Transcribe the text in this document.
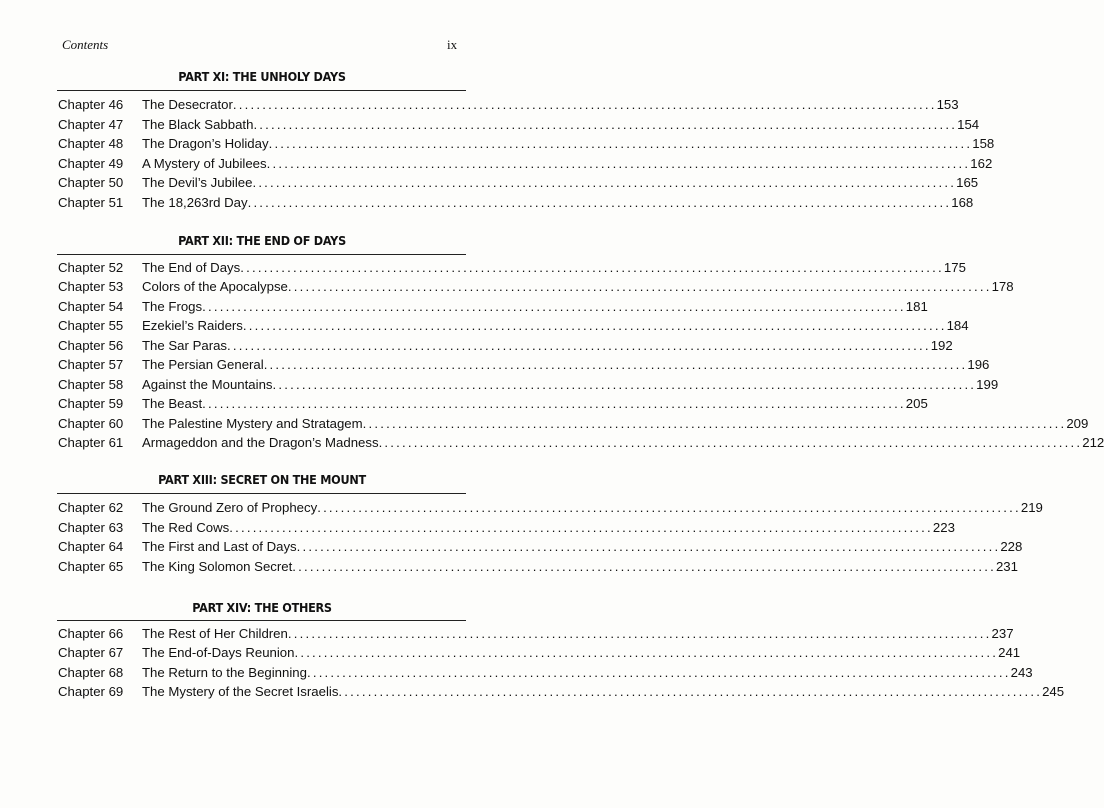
Contents	ix
PART XI: THE UNHOLY DAYS
Chapter 46 The Desecrator ........................................................................................................................ 153
Chapter 47 The Black Sabbath ........................................................................................................................ 154
Chapter 48 The Dragon’s Holiday ........................................................................................................................ 158
Chapter 49 A Mystery of Jubilees ........................................................................................................................ 162
Chapter 50 The Devil’s Jubilee ........................................................................................................................ 165
Chapter 51 The 18,263rd Day ........................................................................................................................ 168
PART XII: THE END OF DAYS
Chapter 52 The End of Days ........................................................................................................................ 175
Chapter 53 Colors of the Apocalypse ........................................................................................................................ 178
Chapter 54 The Frogs ........................................................................................................................ 181
Chapter 55 Ezekiel’s Raiders ........................................................................................................................ 184
Chapter 56 The Sar Paras ........................................................................................................................ 192
Chapter 57 The Persian General ........................................................................................................................ 196
Chapter 58 Against the Mountains ........................................................................................................................ 199
Chapter 59 The Beast ........................................................................................................................ 205
Chapter 60 The Palestine Mystery and Stratagem ........................................................................................................................ 209
Chapter 61 Armageddon and the Dragon’s Madness ........................................................................................................................ 212
PART XIII: SECRET ON THE MOUNT
Chapter 62 The Ground Zero of Prophecy ........................................................................................................................ 219
Chapter 63 The Red Cows ........................................................................................................................ 223
Chapter 64 The First and Last of Days ........................................................................................................................ 228
Chapter 65 The King Solomon Secret ........................................................................................................................ 231
PART XIV: THE OTHERS
Chapter 66 The Rest of Her Children ........................................................................................................................ 237
Chapter 67 The End-of-Days Reunion ........................................................................................................................ 241
Chapter 68 The Return to the Beginning ........................................................................................................................ 243
Chapter 69 The Mystery of the Secret Israelis ........................................................................................................................ 245
